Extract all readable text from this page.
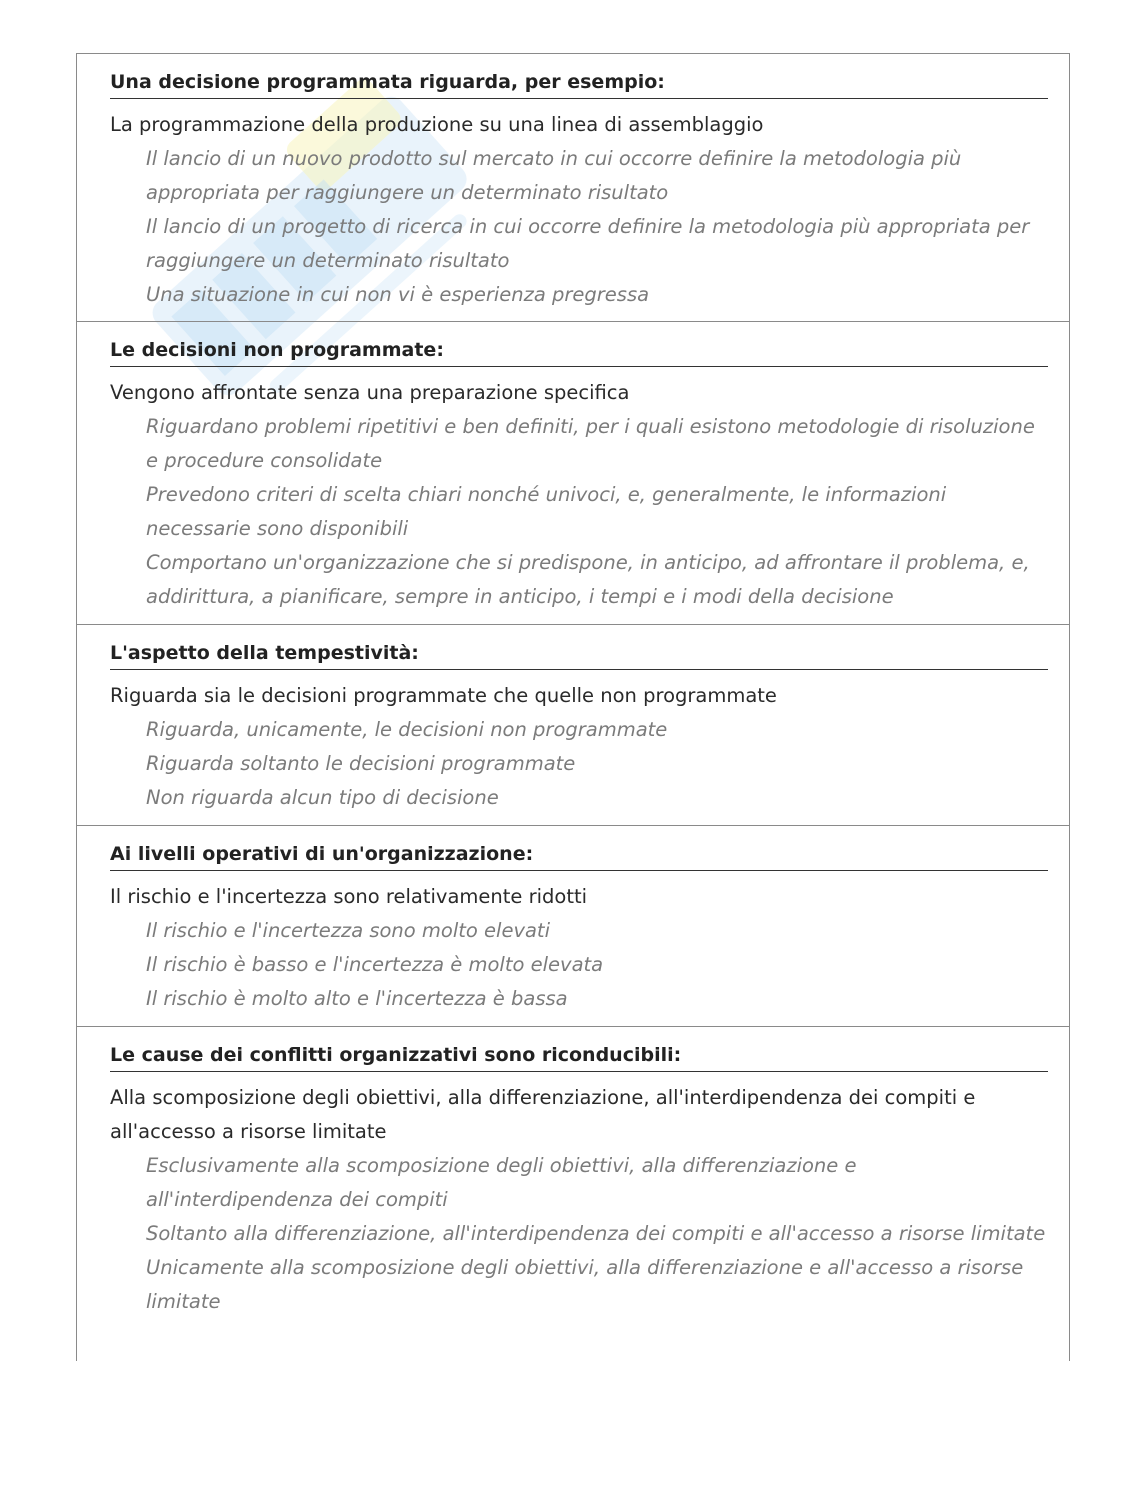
Una decisione programmata riguarda, per esempio:
La programmazione della produzione su una linea di assemblaggio
Il lancio di un nuovo prodotto sul mercato in cui occorre definire la metodologia più appropriata per raggiungere un determinato risultato
Il lancio di un progetto di ricerca in cui occorre definire la metodologia più appropriata per raggiungere un determinato risultato
Una situazione in cui non vi è esperienza pregressa
Le decisioni non programmate:
Vengono affrontate senza una preparazione specifica
Riguardano problemi ripetitivi e ben definiti, per i quali esistono metodologie di risoluzione e procedure consolidate
Prevedono criteri di scelta chiari nonché univoci, e, generalmente, le informazioni necessarie sono disponibili
Comportano un'organizzazione che si predispone, in anticipo, ad affrontare il problema, e, addirittura, a pianificare, sempre in anticipo, i tempi e i modi della decisione
L'aspetto della tempestività:
Riguarda sia le decisioni programmate che quelle non programmate
Riguarda, unicamente, le decisioni non programmate
Riguarda soltanto le decisioni programmate
Non riguarda alcun tipo di decisione
Ai livelli operativi di un'organizzazione:
Il rischio e l'incertezza sono relativamente ridotti
Il rischio e l'incertezza sono molto elevati
Il rischio è basso e l'incertezza è molto elevata
Il rischio è molto alto e l'incertezza è bassa
Le cause dei conflitti organizzativi sono riconducibili:
Alla scomposizione degli obiettivi, alla differenziazione, all'interdipendenza dei compiti e all'accesso a risorse limitate
Esclusivamente alla scomposizione degli obiettivi, alla differenziazione e all'interdipendenza dei compiti
Soltanto alla differenziazione, all'interdipendenza dei compiti e all'accesso a risorse limitate
Unicamente alla scomposizione degli obiettivi, alla differenziazione e all'accesso a risorse limitate
